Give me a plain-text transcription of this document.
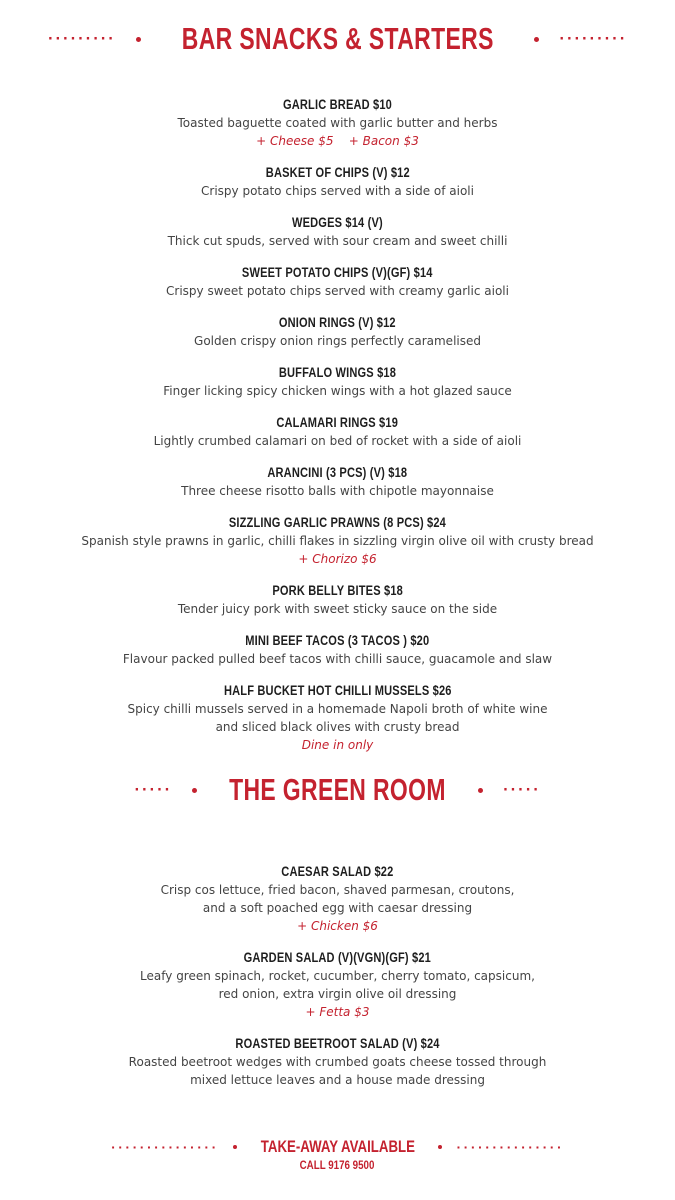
········· BAR SNACKS & STARTERS	·········
GARLIC BREAD $10
Toasted baguette coated with garlic butter and herbs
+ Cheese $5    + Bacon $3
BASKET OF CHIPS (V) $12
Crispy potato chips served with a side of aioli
WEDGES $14 (V)
Thick cut spuds, served with sour cream and sweet chilli
SWEET POTATO CHIPS (V)(GF) $14
Crispy sweet potato chips served with creamy garlic aioli
ONION RINGS (V) $12
Golden crispy onion rings perfectly caramelised
BUFFALO WINGS $18
Finger licking spicy chicken wings with a hot glazed sauce
CALAMARI RINGS $19
Lightly crumbed calamari on bed of rocket with a side of aioli
ARANCINI (3 PCS) (V) $18
Three cheese risotto balls with chipotle mayonnaise
SIZZLING GARLIC PRAWNS (8 PCS) $24
Spanish style prawns in garlic, chilli flakes in sizzling virgin olive oil with crusty bread
+ Chorizo $6
PORK BELLY BITES $18
Tender juicy pork with sweet sticky sauce on the side
MINI BEEF TACOS (3 TACOS ) $20
Flavour packed pulled beef tacos with chilli sauce, guacamole and slaw
HALF BUCKET HOT CHILLI MUSSELS $26
Spicy chilli mussels served in a homemade Napoli broth of white wine
and sliced black olives with crusty bread
Dine in only
····· THE GREEN ROOM	·····
CAESAR SALAD $22
Crisp cos lettuce, fried bacon, shaved parmesan, croutons,
and a soft poached egg with caesar dressing
+ Chicken $6
GARDEN SALAD (V)(VGN)(GF) $21
Leafy green spinach, rocket, cucumber, cherry tomato, capsicum,
red onion, extra virgin olive oil dressing
+ Fetta $3
ROASTED BEETROOT SALAD (V) $24
Roasted beetroot wedges with crumbed goats cheese tossed through
mixed lettuce leaves and a house made dressing
··············· TAKE-AWAY AVAILABLE	···············
CALL 9176 9500
